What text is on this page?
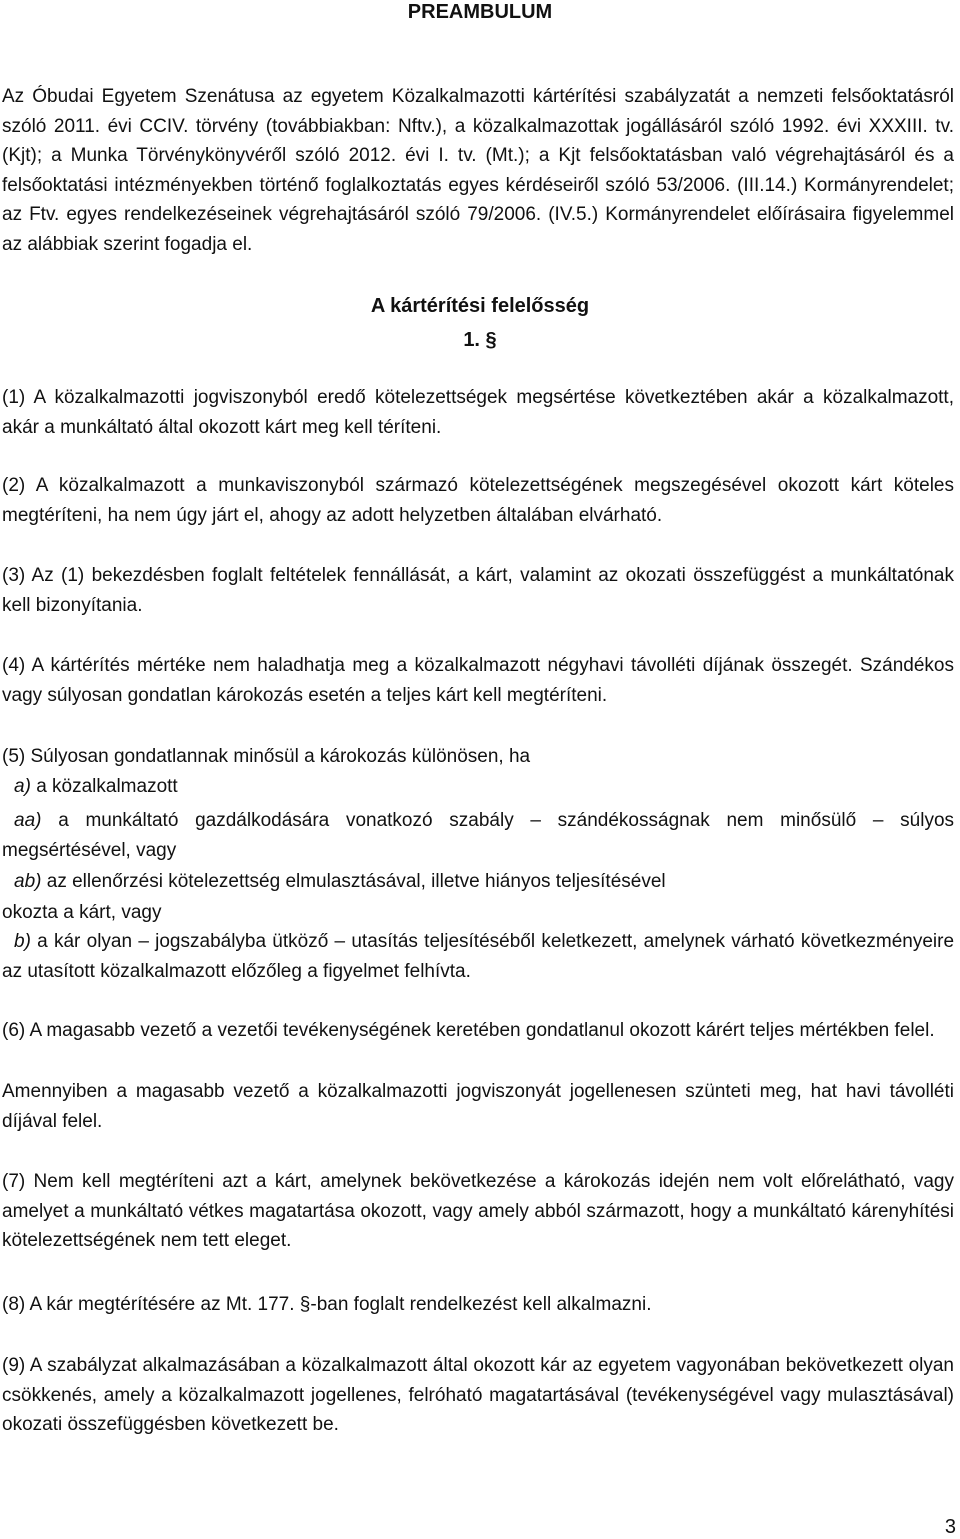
PREAMBULUM

Az Óbudai Egyetem Szenátusa az egyetem Közalkalmazotti kártérítési szabályzatát a nemzeti felsőoktatásról szóló 2011. évi CCIV. törvény (továbbiakban: Nftv.), a közalkalmazottak jogállásáról szóló 1992. évi XXXIII. tv. (Kjt); a Munka Törvénykönyvéről szóló 2012. évi I. tv. (Mt.); a Kjt felsőoktatásban való végrehajtásáról és a felsőoktatási intézményekben történő foglalkoztatás egyes kérdéseiről szóló 53/2006. (III.14.) Kormányrendelet; az Ftv. egyes rendelkezéseinek végrehajtásáról szóló 79/2006. (IV.5.) Kormányrendelet előírásaira figyelemmel az alábbiak szerint fogadja el.

A kártérítési felelősség
1. §

(1) A közalkalmazotti jogviszonyból eredő kötelezettségek megsértése következtében akár a közalkalmazott, akár a munkáltató által okozott kárt meg kell téríteni.

(2) A közalkalmazott a munkaviszonyból származó kötelezettségének megszegésével okozott kárt köteles megtéríteni, ha nem úgy járt el, ahogy az adott helyzetben általában elvárható.

(3) Az (1) bekezdésben foglalt feltételek fennállását, a kárt, valamint az okozati összefüggést a munkáltatónak kell bizonyítania.

(4) A kártérítés mértéke nem haladhatja meg a közalkalmazott négyhavi távolléti díjának összegét. Szándékos vagy súlyosan gondatlan károkozás esetén a teljes kárt kell megtéríteni.

(5) Súlyosan gondatlannak minősül a károkozás különösen, ha

a) a közalkalmazott

aa) a munkáltató gazdálkodására vonatkozó szabály – szándékosságnak nem minősülő – súlyos megsértésével, vagy

ab) az ellenőrzési kötelezettség elmulasztásával, illetve hiányos teljesítésével

okozta a kárt, vagy

b) a kár olyan – jogszabályba ütköző – utasítás teljesítéséből keletkezett, amelynek várható következményeire az utasított közalkalmazott előzőleg a figyelmet felhívta.

(6) A magasabb vezető a vezetői tevékenységének keretében gondatlanul okozott kárért teljes mértékben felel.

Amennyiben a magasabb vezető a közalkalmazotti jogviszonyát jogellenesen szünteti meg, hat havi távolléti díjával felel.

(7) Nem kell megtéríteni azt a kárt, amelynek bekövetkezése a károkozás idején nem volt előrelátható, vagy amelyet a munkáltató vétkes magatartása okozott, vagy amely abból származott, hogy a munkáltató kárenyhítési kötelezettségének nem tett eleget.

(8) A kár megtérítésére az Mt. 177. §-ban foglalt rendelkezést kell alkalmazni.

(9) A szabályzat alkalmazásában a közalkalmazott által okozott kár az egyetem vagyonában bekövetkezett olyan csökkenés, amely a közalkalmazott jogellenes, felróható magatartásával (tevékenységével vagy mulasztásával) okozati összefüggésben következett be.

3
